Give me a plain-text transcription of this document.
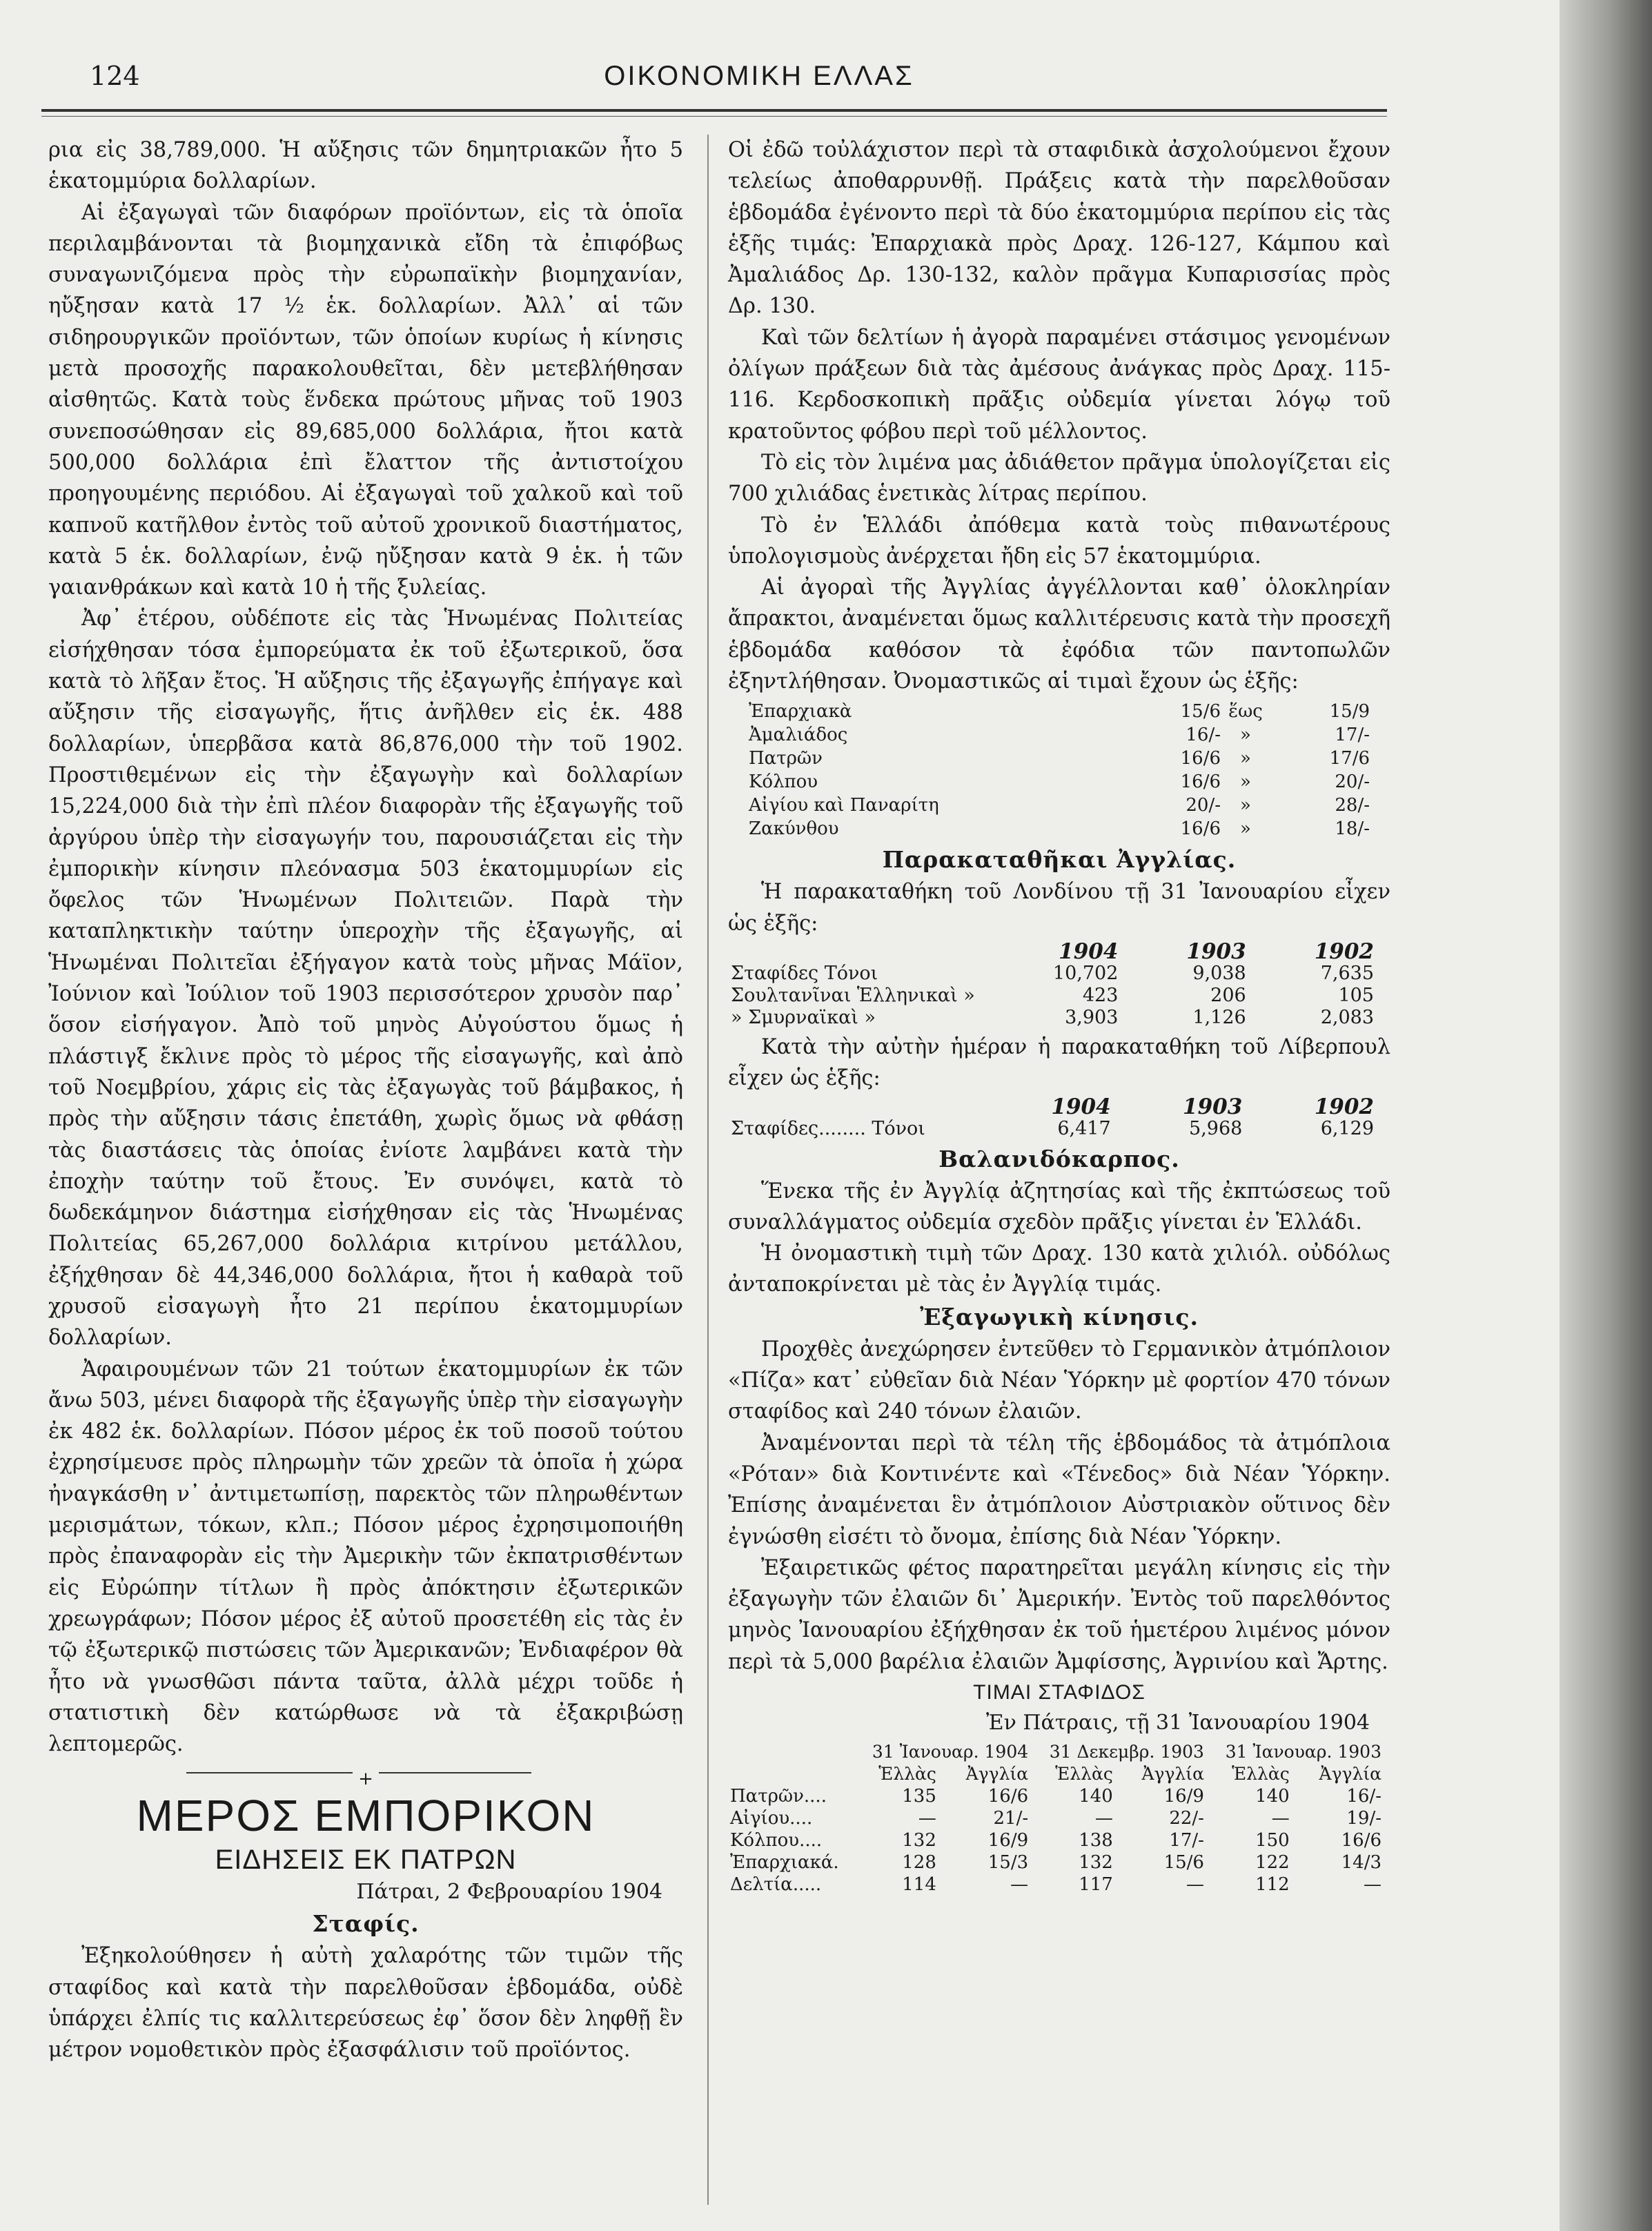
124	ΟΙΚΟΝΟΜΙΚΗ ΕΛΛΑΣ

ρια εἰς 38,789,000. Ἡ αὔξησις τῶν δημητριακῶν ἦτο 5 ἑκατομμύρια δολλαρίων.

Αἱ ἐξαγωγαὶ τῶν διαφόρων προϊόντων, εἰς τὰ ὁποῖα περιλαμβάνονται τὰ βιομηχανικὰ εἴδη τὰ ἐπιφόβως συναγωνιζόμενα πρὸς τὴν εὐρωπαϊκὴν βιομηχανίαν, ηὔξησαν κατὰ 17 ½ ἑκ. δολλαρίων. Ἀλλ᾽ αἱ τῶν σιδηρουργικῶν προϊόντων, τῶν ὁποίων κυρίως ἡ κίνησις μετὰ προσοχῆς παρακολουθεῖται, δὲν μετεβλήθησαν αἰσθητῶς. Κατὰ τοὺς ἕνδεκα πρώτους μῆνας τοῦ 1903 συνεποσώθησαν εἰς 89,685,000 δολλάρια, ἤτοι κατὰ 500,000 δολλάρια ἐπὶ ἔλαττον τῆς ἀντιστοίχου προηγουμένης περιόδου. Αἱ ἐξαγωγαὶ τοῦ χαλκοῦ καὶ τοῦ καπνοῦ κατῆλθον ἐντὸς τοῦ αὐτοῦ χρονικοῦ διαστήματος, κατὰ 5 ἑκ. δολλαρίων, ἐνῷ ηὔξησαν κατὰ 9 ἑκ. ἡ τῶν γαιανθράκων καὶ κατὰ 10 ἡ τῆς ξυλείας.

Ἀφ᾽ ἑτέρου, οὐδέποτε εἰς τὰς Ἡνωμένας Πολιτείας εἰσήχθησαν τόσα ἐμπορεύματα ἐκ τοῦ ἐξωτερικοῦ, ὅσα κατὰ τὸ λῆξαν ἔτος. Ἡ αὔξησις τῆς ἐξαγωγῆς ἐπήγαγε καὶ αὔξησιν τῆς εἰσαγωγῆς, ἥτις ἀνῆλθεν εἰς ἑκ. 488 δολλαρίων, ὑπερβᾶσα κατὰ 86,876,000 τὴν τοῦ 1902. Προστιθεμένων εἰς τὴν ἐξαγωγὴν καὶ δολλαρίων 15,224,000 διὰ τὴν ἐπὶ πλέον διαφορὰν τῆς ἐξαγωγῆς τοῦ ἀργύρου ὑπὲρ τὴν εἰσαγωγήν του, παρουσιάζεται εἰς τὴν ἐμπορικὴν κίνησιν πλεόνασμα 503 ἑκατομμυρίων εἰς ὄφελος τῶν Ἡνωμένων Πολιτειῶν. Παρὰ τὴν καταπληκτικὴν ταύτην ὑπεροχὴν τῆς ἐξαγωγῆς, αἱ Ἡνωμέναι Πολιτεῖαι ἐξήγαγον κατὰ τοὺς μῆνας Μάϊον, Ἰούνιον καὶ Ἰούλιον τοῦ 1903 περισσότερον χρυσὸν παρ᾽ ὅσον εἰσήγαγον. Ἀπὸ τοῦ μηνὸς Αὐγούστου ὅμως ἡ πλάστιγξ ἔκλινε πρὸς τὸ μέρος τῆς εἰσαγωγῆς, καὶ ἀπὸ τοῦ Νοεμβρίου, χάρις εἰς τὰς ἐξαγωγὰς τοῦ βάμβακος, ἡ πρὸς τὴν αὔξησιν τάσις ἐπετάθη, χωρὶς ὅμως νὰ φθάσῃ τὰς διαστάσεις τὰς ὁποίας ἐνίοτε λαμβάνει κατὰ τὴν ἐποχὴν ταύτην τοῦ ἔτους. Ἐν συνόψει, κατὰ τὸ δωδεκάμηνον διάστημα εἰσήχθησαν εἰς τὰς Ἡνωμένας Πολιτείας 65,267,000 δολλάρια κιτρίνου μετάλλου, ἐξήχθησαν δὲ 44,346,000 δολλάρια, ἤτοι ἡ καθαρὰ τοῦ χρυσοῦ εἰσαγωγὴ ἦτο 21 περίπου ἑκατομμυρίων δολλαρίων.

Ἀφαιρουμένων τῶν 21 τούτων ἑκατομμυρίων ἐκ τῶν ἄνω 503, μένει διαφορὰ τῆς ἐξαγωγῆς ὑπὲρ τὴν εἰσαγωγὴν ἐκ 482 ἑκ. δολλαρίων. Πόσον μέρος ἐκ τοῦ ποσοῦ τούτου ἐχρησίμευσε πρὸς πληρωμὴν τῶν χρεῶν τὰ ὁποῖα ἡ χώρα ἠναγκάσθη ν᾽ ἀντιμετωπίσῃ, παρεκτὸς τῶν πληρωθέντων μερισμάτων, τόκων, κλπ.; Πόσον μέρος ἐχρησιμοποιήθη πρὸς ἐπαναφορὰν εἰς τὴν Ἀμερικὴν τῶν ἐκπατρισθέντων εἰς Εὐρώπην τίτλων ἢ πρὸς ἀπόκτησιν ἐξωτερικῶν χρεωγράφων; Πόσον μέρος ἐξ αὐτοῦ προσετέθη εἰς τὰς ἐν τῷ ἐξωτερικῷ πιστώσεις τῶν Ἀμερικανῶν; Ἐνδιαφέρον θὰ ἦτο νὰ γνωσθῶσι πάντα ταῦτα, ἀλλὰ μέχρι τοῦδε ἡ στατιστικὴ δὲν κατώρθωσε νὰ τὰ ἐξακριβώσῃ λεπτομερῶς.

+
ΜΕΡΟΣ ΕΜΠΟΡΙΚΟΝ
ΕΙΔΗΣΕΙΣ ΕΚ ΠΑΤΡΩΝ
Πάτραι, 2 Φεβρουαρίου 1904
Σταφίς.

Ἐξηκολούθησεν ἡ αὐτὴ χαλαρότης τῶν τιμῶν τῆς σταφίδος καὶ κατὰ τὴν παρελθοῦσαν ἑβδομάδα, οὐδὲ ὑπάρχει ἐλπίς τις καλλιτερεύσεως ἐφ᾽ ὅσον δὲν ληφθῇ ἓν μέτρον νομοθετικὸν πρὸς ἐξασφάλισιν τοῦ προϊόντος.

Οἱ ἐδῶ τοὐλάχιστον περὶ τὰ σταφιδικὰ ἀσχολούμενοι ἔχουν τελείως ἀποθαρρυνθῇ. Πράξεις κατὰ τὴν παρελθοῦσαν ἑβδομάδα ἐγένοντο περὶ τὰ δύο ἑκατομμύρια περίπου εἰς τὰς ἑξῆς τιμάς: Ἐπαρχιακὰ πρὸς Δραχ. 126-127, Κάμπου καὶ Ἀμαλιάδος Δρ. 130-132, καλὸν πρᾶγμα Κυπαρισσίας πρὸς Δρ. 130.

Καὶ τῶν δελτίων ἡ ἀγορὰ παραμένει στάσιμος γενομένων ὀλίγων πράξεων διὰ τὰς ἀμέσους ἀνάγκας πρὸς Δραχ. 115-116. Κερδοσκοπικὴ πρᾶξις οὐδεμία γίνεται λόγῳ τοῦ κρατοῦντος φόβου περὶ τοῦ μέλλοντος.

Τὸ εἰς τὸν λιμένα μας ἀδιάθετον πρᾶγμα ὑπολογίζεται εἰς 700 χιλιάδας ἑνετικὰς λίτρας περίπου.

Τὸ ἐν Ἑλλάδι ἀπόθεμα κατὰ τοὺς πιθανωτέρους ὑπολογισμοὺς ἀνέρχεται ἤδη εἰς 57 ἑκατομμύρια.

Αἱ ἀγοραὶ τῆς Ἀγγλίας ἀγγέλλονται καθ᾽ ὁλοκληρίαν ἄπρακτοι, ἀναμένεται ὅμως καλλιτέρευσις κατὰ τὴν προσεχῆ ἑβδομάδα καθόσον τὰ ἐφόδια τῶν παντοπωλῶν ἐξηντλήθησαν. Ὀνομαστικῶς αἱ τιμαὶ ἔχουν ὡς ἑξῆς:

Ἐπαρχιακὰ	15/6	ἕως	15/9
Ἀμαλιάδος	16/-	»	17/-
Πατρῶν	16/6	»	17/6
Κόλπου	16/6	»	20/-
Αἰγίου καὶ Παναρίτη	20/-	»	28/-
Ζακύνθου	16/6	»	18/-
Παρακαταθῆκαι Ἀγγλίας.

Ἡ παρακαταθήκη τοῦ Λονδίνου τῇ 31 Ἰανουαρίου εἶχεν ὡς ἑξῆς:

	1904	1903	1902
Σταφίδες Τόνοι	10,702	9,038	7,635
Σουλτανῖναι Ἑλληνικαὶ »	423	206	105
» Σμυρναϊκαὶ »	3,903	1,126	2,083

Κατὰ τὴν αὐτὴν ἡμέραν ἡ παρακαταθήκη τοῦ Λίβερπουλ εἶχεν ὡς ἑξῆς:

	1904	1903	1902
Σταφίδες........ Τόνοι	6,417	5,968	6,129
Βαλανιδόκαρπος.

Ἕνεκα τῆς ἐν Ἀγγλίᾳ ἀζητησίας καὶ τῆς ἐκπτώσεως τοῦ συναλλάγματος οὐδεμία σχεδὸν πρᾶξις γίνεται ἐν Ἑλλάδι.

Ἡ ὀνομαστικὴ τιμὴ τῶν Δραχ. 130 κατὰ χιλιόλ. οὐδόλως ἀνταποκρίνεται μὲ τὰς ἐν Ἀγγλίᾳ τιμάς.

Ἐξαγωγικὴ κίνησις.

Προχθὲς ἀνεχώρησεν ἐντεῦθεν τὸ Γερμανικὸν ἀτμόπλοιον «Πίζα» κατ᾽ εὐθεῖαν διὰ Νέαν Ὑόρκην μὲ φορτίον 470 τόνων σταφίδος καὶ 240 τόνων ἐλαιῶν.

Ἀναμένονται περὶ τὰ τέλη τῆς ἑβδομάδος τὰ ἀτμόπλοια «Ρόταν» διὰ Κοντινέντε καὶ «Τένεδος» διὰ Νέαν Ὑόρκην. Ἐπίσης ἀναμένεται ἓν ἀτμόπλοιον Αὐστριακὸν οὕτινος δὲν ἐγνώσθη εἰσέτι τὸ ὄνομα, ἐπίσης διὰ Νέαν Ὑόρκην.

Ἐξαιρετικῶς φέτος παρατηρεῖται μεγάλη κίνησις εἰς τὴν ἐξαγωγὴν τῶν ἐλαιῶν δι᾽ Ἀμερικήν. Ἐντὸς τοῦ παρελθόντος μηνὸς Ἰανουαρίου ἐξήχθησαν ἐκ τοῦ ἡμετέρου λιμένος μόνον περὶ τὰ 5,000 βαρέλια ἐλαιῶν Ἀμφίσσης, Ἀγρινίου καὶ Ἄρτης.

ΤΙΜΑΙ ΣΤΑΦΙΔΟΣ
Ἐν Πάτραις, τῇ 31 Ἰανουαρίου 1904
	31 Ἰανουαρ. 1904		31 Δεκεμβρ. 1903		31 Ἰανουαρ. 1903	
	Ἑλλὰς	Ἀγγλία	Ἑλλὰς	Ἀγγλία	Ἑλλὰς	Ἀγγλία
Πατρῶν....	135	16/6	140	16/9	140	16/-
Αἰγίου....	—	21/-	—	22/-	—	19/-
Κόλπου....	132	16/9	138	17/-	150	16/6
Ἐπαρχιακά.	128	15/3	132	15/6	122	14/3
Δελτία.....	114	—	117	—	112	—
